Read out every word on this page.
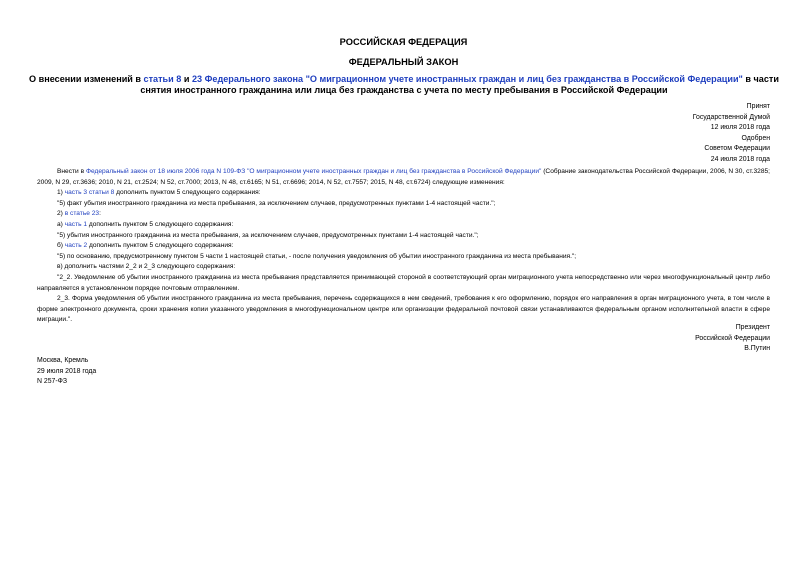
РОССИЙСКАЯ ФЕДЕРАЦИЯ
ФЕДЕРАЛЬНЫЙ ЗАКОН
О внесении изменений в статьи 8 и 23 Федерального закона "О миграционном учете иностранных граждан и лиц без гражданства в Российской Федерации" в части снятия иностранного гражданина или лица без гражданства с учета по месту пребывания в Российской Федерации
Принят
Государственной Думой
12 июля 2018 года
Одобрен
Советом Федерации
24 июля 2018 года

Внести в Федеральный закон от 18 июля 2006 года N 109-ФЗ "О миграционном учете иностранных граждан и лиц без гражданства в Российской Федерации" (Собрание законодательства Российской Федерации, 2006, N 30, ст.3285; 2009, N 29, ст.3636; 2010, N 21, ст.2524; N 52, ст.7000; 2013, N 48, ст.6165; N 51, ст.6696; 2014, N 52, ст.7557; 2015, N 48, ст.6724) следующие изменения:

1) часть 3 статьи 8 дополнить пунктом 5 следующего содержания:

"5) факт убытия иностранного гражданина из места пребывания, за исключением случаев, предусмотренных пунктами 1-4 настоящей части.";

2) в статье 23:

а) часть 1 дополнить пунктом 5 следующего содержания:

"5) убытия иностранного гражданина из места пребывания, за исключением случаев, предусмотренных пунктами 1-4 настоящей части.";

б) часть 2 дополнить пунктом 5 следующего содержания:

"5) по основанию, предусмотренному пунктом 5 части 1 настоящей статьи, - после получения уведомления об убытии иностранного гражданина из места пребывания.";

в) дополнить частями 2_2 и 2_3 следующего содержания:

"2_2. Уведомление об убытии иностранного гражданина из места пребывания представляется принимающей стороной в соответствующий орган миграционного учета непосредственно или через многофункциональный центр либо направляется в установленном порядке почтовым отправлением.

2_3. Форма уведомления об убытии иностранного гражданина из места пребывания, перечень содержащихся в нем сведений, требования к его оформлению, порядок его направления в орган миграционного учета, в том числе в форме электронного документа, сроки хранения копии указанного уведомления в многофункциональном центре или организации федеральной почтовой связи устанавливаются федеральным органом исполнительной власти в сфере миграции.".

Президент
Российской Федерации
В.Путин
Москва, Кремль
29 июля 2018 года
N 257-ФЗ
